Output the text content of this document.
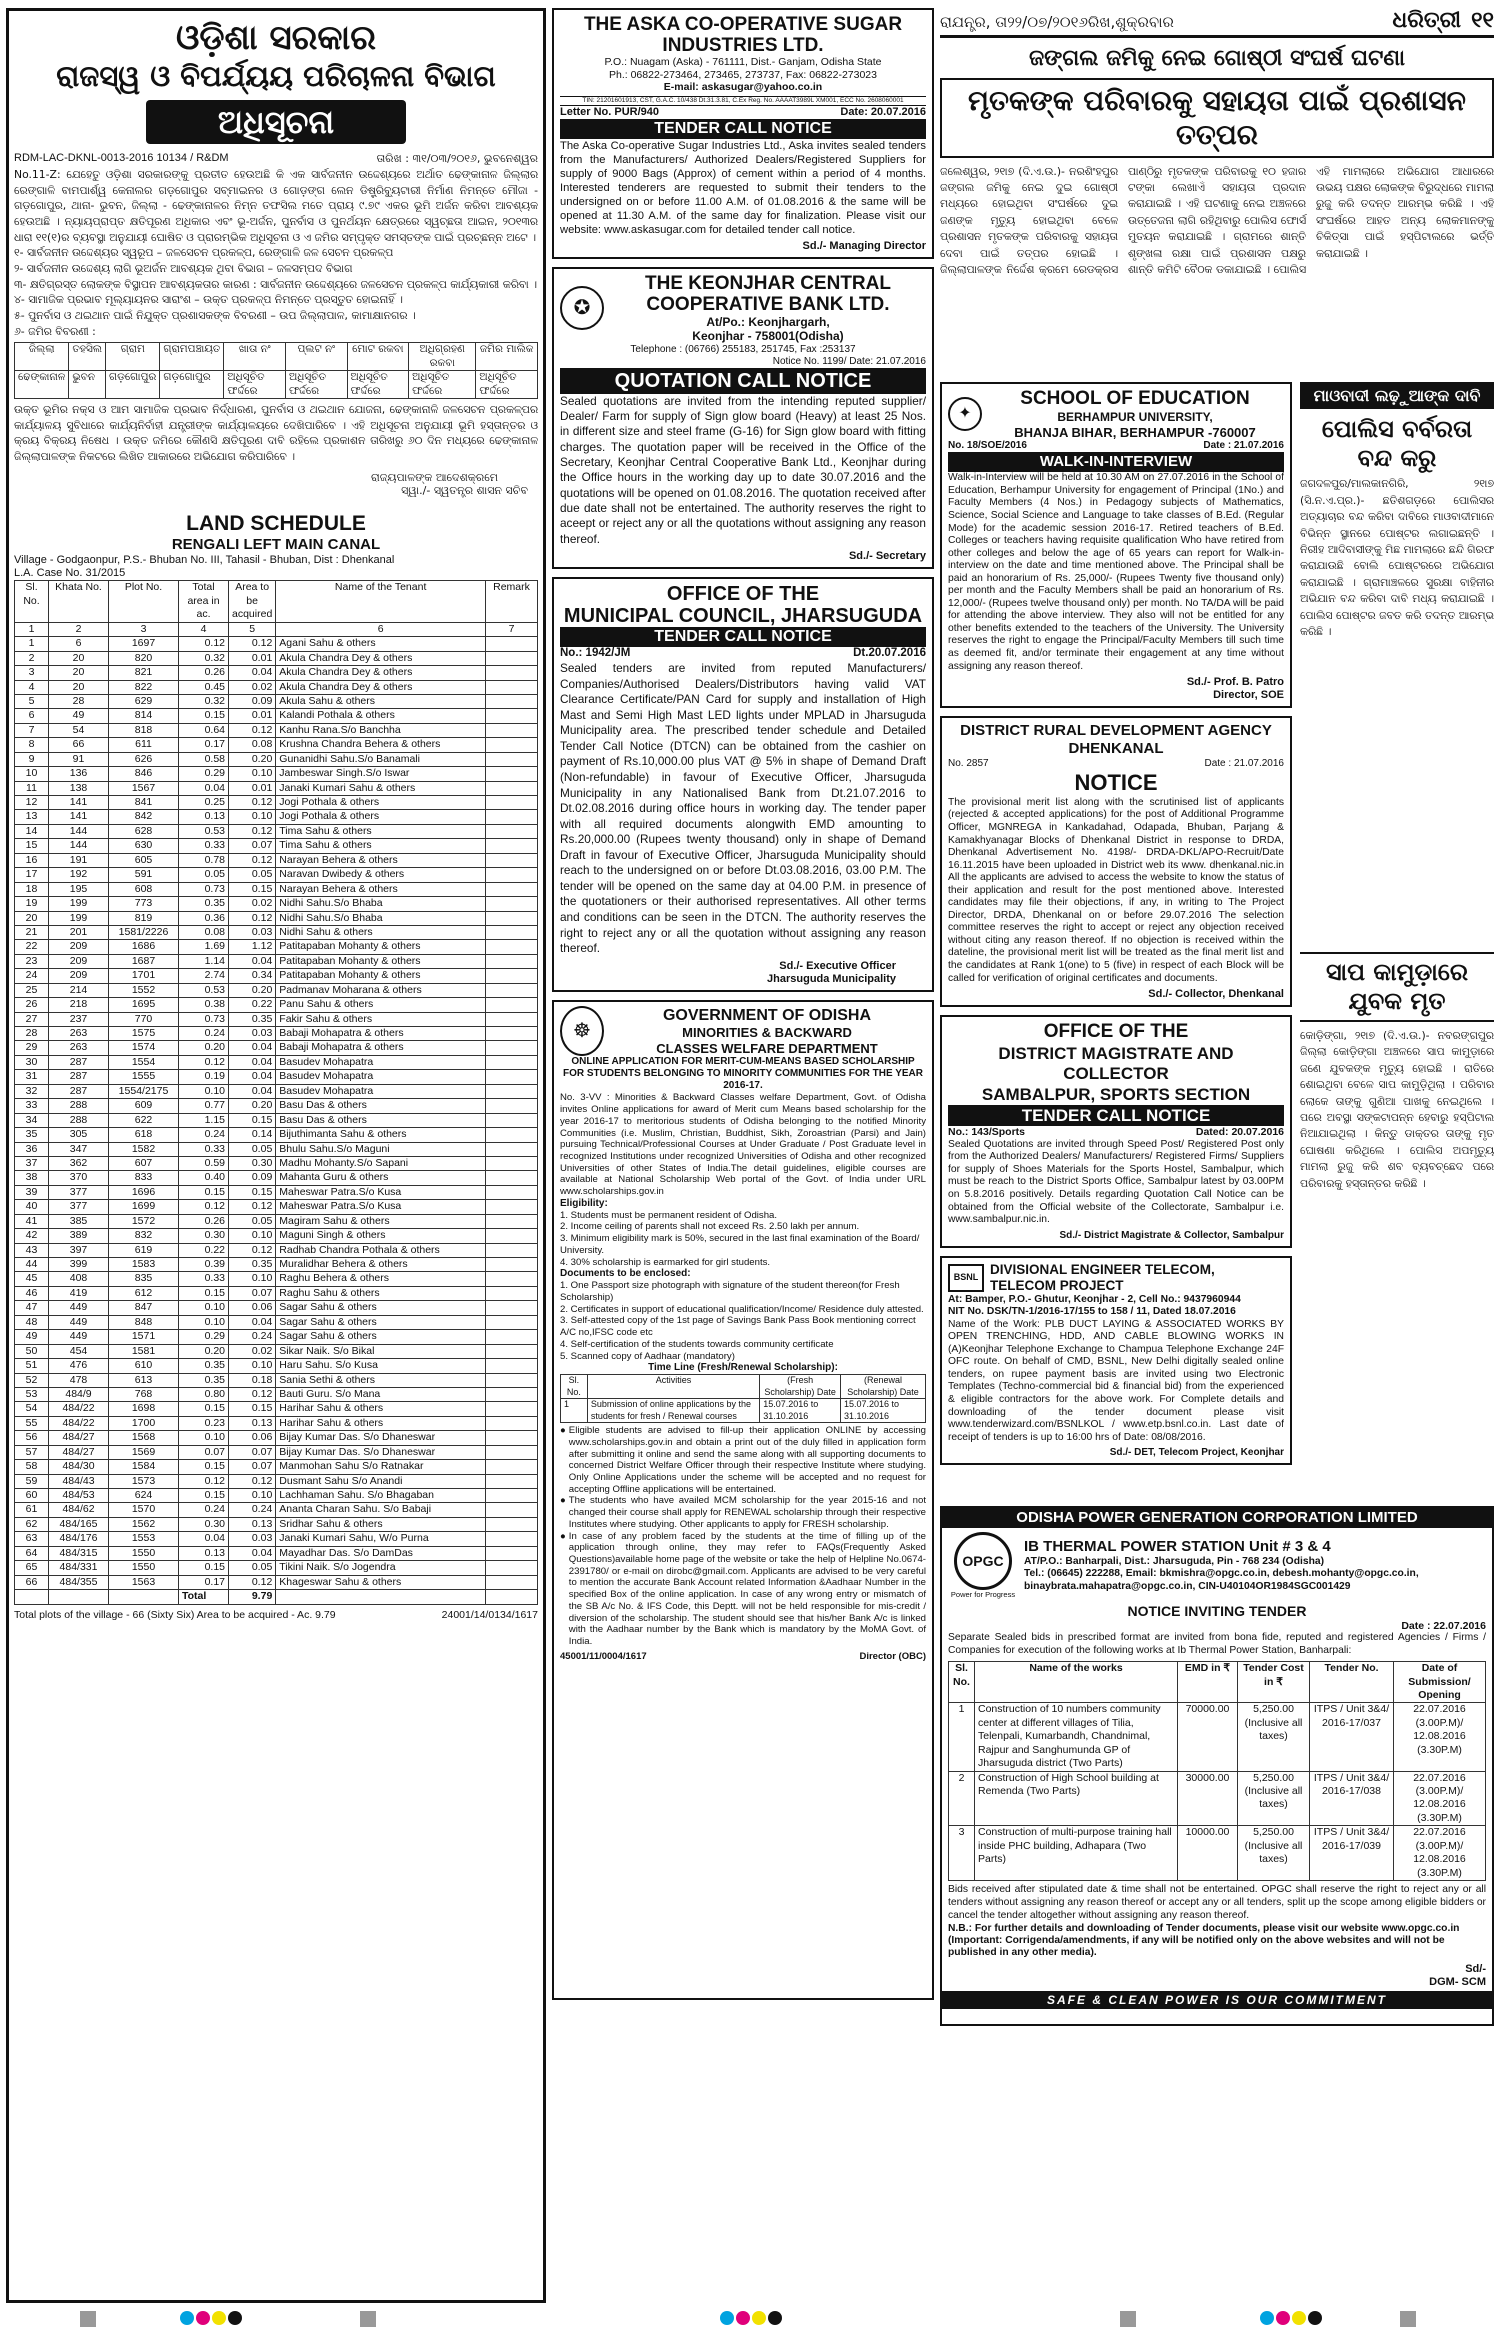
ଓଡ଼ିଶା ସରକାର
ରାଜସ୍ୱ ଓ ବିପର୍ଯ୍ୟୟ ପରିଚାଳନା ବିଭାଗ
ଅଧିସୂଚନା
RDM-LAC-DKNL-0013-2016 10134 / R&DM	ତାରିଖ : ୩୧/୦୩/୨୦୧୬, ଭୁବନେଶ୍ୱର
No.11-Z: ଯେହେତୁ ଓଡ଼ିଶା ସରକାରଙ୍କୁ ପ୍ରତୀତ ହେଉଅଛି କି ଏକ ସାର୍ବଜନୀନ ଉଦ୍ଦେଶ୍ୟରେ ଅର୍ଥାତ ଢେଙ୍କାନାଳ ଜିଲ୍ଲାର ରେଙ୍ଗାଳି ବାମପାର୍ଶ୍ୱ କେନାଲର ଗଡ଼ଗୋପୁର ସବ୍‌ମାଇନର ଓ ଗୋଡ଼ଙ୍ଗ ଲେନ ଡିଷ୍ଟ୍ରିବ୍ୟୁଟାରୀ ନିର୍ମାଣ ନିମନ୍ତେ ମୌଜା - ଗଡ଼ଗୋପୁର, ଥାନା- ଭୁବନ, ଜିଲ୍ଲା - ଢେଙ୍କାନାଳର ନିମ୍ନ ତଫସିଲ ମତେ ପ୍ରାୟ ୯.୭୯ ଏକର ଭୂମି ଅର୍ଜନ କରିବା ଆବଶ୍ୟକ ହେଉଅଛି । ନ୍ୟାୟପ୍ରାପ୍ତ କ୍ଷତିପୂରଣ ଅଧିକାର ଏବଂ ଭୂ-ଅର୍ଜନ, ପୁନର୍ବାସ ଓ ପୁନର୍ଥୟନ କ୍ଷେତ୍ରରେ ସ୍ୱଚ୍ଛତା ଆଇନ, ୨୦୧୩ର ଧାରା ୧୧(୧)ର ବ୍ୟବସ୍ଥା ଅନୁଯାୟୀ ଘୋଷିତ ଓ ପ୍ରାରମ୍ଭିକ ଅଧିସୂଚନା ଓ ଏ ଜମିର ସମ୍ପୃକ୍ତ ସମସ୍ତଙ୍କ ପାଇଁ ପ୍ରଚ୍ଛନ୍ନ ଅଟେ ।
୧- ସାର୍ବଜନୀନ ଉଦ୍ଦେଶ୍ୟର ସ୍ୱରୂପ – ଜଳସେଚନ ପ୍ରକଳ୍ପ, ରେଙ୍ଗାଳି ଜଳ ସେଚନ ପ୍ରକଳ୍ପ
୨- ସାର୍ବଜନୀନ ଉଦ୍ଦେଶ୍ୟ ଲାଗି ଭୂଅର୍ଜନ ଆବଶ୍ୟକ ଥିବା ବିଭାଗ – ଜଳସମ୍ପଦ ବିଭାଗ
୩- କ୍ଷତିଗ୍ରସ୍ତ ଲୋକଙ୍କ ବିସ୍ଥାପନ ଆବଶ୍ୟକତାର କାରଣ : ସାର୍ବଜନୀନ ଉଦ୍ଦେଶ୍ୟରେ ଜଳସେଚନ ପ୍ରକଳ୍ପ କାର୍ଯ୍ୟକାରୀ କରିବା ।
୪- ସାମାଜିକ ପ୍ରଭାବ ମୂଲ୍ୟାୟନର ସାରାଂଶ – ଉକ୍ତ ପ୍ରକଳ୍ପ ନିମନ୍ତେ ପ୍ରସ୍ତୁତ ହୋଇନାହିଁ ।
୫- ପୁନର୍ବାସ ଓ ଥଇଥାନ ପାଇଁ ନିଯୁକ୍ତ ପ୍ରଶାସକଙ୍କ ବିବରଣୀ – ଉପ ଜିଲ୍ଲାପାଳ, କାମାକ୍ଷାନଗର ।
୬- ଜମିର ବିବରଣୀ :
ଜିଲ୍ଲା	ତହସିଲ	ଗ୍ରାମ	ଗ୍ରାମପଞ୍ଚାୟତ	ଖାତା ନଂ	ପ୍ଲଟ ନଂ	ମୋଟ ରକବା	ଅଧିଗ୍ରହଣ ରକବା	ଜମିର ମାଲିକ
ଢେଙ୍କାନାଳ	ଭୁବନ	ଗଡ଼ଗୋପୁର	ଗଡ଼ଗୋପୁର	ଅଧିସୂଚିତ ଫର୍ଦ୍ଦରେ	ଅଧିସୂଚିତ ଫର୍ଦ୍ଦରେ	ଅଧିସୂଚିତ ଫର୍ଦ୍ଦରେ	ଅଧିସୂଚିତ ଫର୍ଦ୍ଦରେ	ଅଧିସୂଚିତ ଫର୍ଦ୍ଦରେ
ଉକ୍ତ ଭୂମିର ନକ୍ସ ଓ ଆମ ସାମାଜିକ ପ୍ରଭାବ ନିର୍ଦ୍ଧାରଣ, ପୁନର୍ବାସ ଓ ଥଇଥାନ ଯୋଜନା, ଢେଙ୍କାନାଳି ଜଳସେଚନ ପ୍ରକଳ୍ପର କାର୍ଯ୍ୟାଳୟ ସୁବିଧାରେ କାର୍ଯ୍ୟନିର୍ବାହୀ ଯନ୍ତ୍ରୀଙ୍କ କାର୍ଯ୍ୟାଳୟରେ ଦେଖିପାରିବେ । ଏହି ଅଧିସୂଚନା ଅନୁଯାୟୀ ଭୂମି ହସ୍ତାନ୍ତର ଓ କ୍ରୟ ବିକ୍ରୟ ନିଷେଧ । ଉକ୍ତ ଜମିରେ କୌଣସି କ୍ଷତିପୂରଣ ଦାବି ରହିଲେ ପ୍ରକାଶନ ତାରିଖରୁ ୬୦ ଦିନ ମଧ୍ୟରେ ଢେଙ୍କାନାଳ ଜିଲ୍ଲାପାଳଙ୍କ ନିକଟରେ ଲିଖିତ ଆକାରରେ ଅଭିଯୋଗ କରିପାରିବେ ।
ରାଜ୍ୟପାଳଙ୍କ ଆଦେଶକ୍ରମେ
ସ୍ୱା./- ସ୍ୱତନ୍ତ୍ର ଶାସନ ସଚିବ
LAND SCHEDULE
RENGALI LEFT MAIN CANAL
Village - Godgaonpur, P.S.- Bhuban No. III, Tahasil - Bhuban, Dist : Dhenkanal
L.A. Case No. 31/2015
Sl. No.	Khata No.	Plot No.	Total area in ac.	Area to be acquired	Name of the Tenant	Remark
1	2	3	4	5	6	7
1	6	1697	0.12	0.12	Agani Sahu & others	
2	20	820	0.32	0.01	Akula Chandra Dey & others	
3	20	821	0.26	0.04	Akula Chandra Dey & others	
4	20	822	0.45	0.02	Akula Chandra Dey & others	
5	28	629	0.32	0.09	Akula Sahu & others	
6	49	814	0.15	0.01	Kalandi Pothala & others	
7	54	818	0.64	0.12	Kanhu Rana.S/o Banchha	
8	66	611	0.17	0.08	Krushna Chandra Behera & others	
9	91	626	0.58	0.20	Gunanidhi Sahu.S/o Banamali	
10	136	846	0.29	0.10	Jambeswar Singh.S/o Iswar	
11	138	1567	0.04	0.01	Janaki Kumari Sahu & others	
12	141	841	0.25	0.12	Jogi Pothala & others	
13	141	842	0.13	0.10	Jogi Pothala & others	
14	144	628	0.53	0.12	Tima Sahu & others	
15	144	630	0.33	0.07	Tima Sahu & others	
16	191	605	0.78	0.12	Narayan Behera & others	
17	192	591	0.05	0.05	Naravan Dwibedy & others	
18	195	608	0.73	0.15	Narayan Behera & others	
19	199	773	0.35	0.02	Nidhi Sahu.S/o Bhaba	
20	199	819	0.36	0.12	Nidhi Sahu.S/o Bhaba	
21	201	1581/2226	0.08	0.03	Nidhi Sahu & others	
22	209	1686	1.69	1.12	Patitapaban Mohanty & others	
23	209	1687	1.14	0.04	Patitapaban Mohanty & others	
24	209	1701	2.74	0.34	Patitapaban Mohanty & others	
25	214	1552	0.53	0.20	Padmanav Moharana & others	
26	218	1695	0.38	0.22	Panu Sahu & others	
27	237	770	0.73	0.35	Fakir Sahu & others	
28	263	1575	0.24	0.03	Babaji Mohapatra & others	
29	263	1574	0.20	0.04	Babaji Mohapatra & others	
30	287	1554	0.12	0.04	Basudev Mohapatra	
31	287	1555	0.19	0.04	Basudev Mohapatra	
32	287	1554/2175	0.10	0.04	Basudev Mohapatra	
33	288	609	0.77	0.20	Basu Das & others	
34	288	622	1.15	0.15	Basu Das & others	
35	305	618	0.24	0.14	Bijuthimanta Sahu & others	
36	347	1582	0.33	0.05	Bhulu Sahu.S/o Maguni	
37	362	607	0.59	0.30	Madhu Mohanty.S/o Sapani	
38	370	833	0.40	0.09	Mahanta Guru & others	
39	377	1696	0.15	0.15	Maheswar Patra.S/o Kusa	
40	377	1699	0.12	0.12	Maheswar Patra.S/o Kusa	
41	385	1572	0.26	0.05	Magiram Sahu & others	
42	389	832	0.30	0.10	Maguni Singh & others	
43	397	619	0.22	0.12	Radhab Chandra Pothala & others	
44	399	1583	0.39	0.35	Muralidhar Behera & others	
45	408	835	0.33	0.10	Raghu Behera & others	
46	419	612	0.15	0.07	Raghu Sahu & others	
47	449	847	0.10	0.06	Sagar Sahu & others	
48	449	848	0.10	0.04	Sagar Sahu & others	
49	449	1571	0.29	0.24	Sagar Sahu & others	
50	454	1581	0.20	0.02	Sikar Naik. S/o Bikal	
51	476	610	0.35	0.10	Haru Sahu. S/o Kusa	
52	478	613	0.35	0.18	Sania Sethi & others	
53	484/9	768	0.80	0.12	Bauti Guru. S/o Mana	
54	484/22	1698	0.15	0.15	Harihar Sahu & others	
55	484/22	1700	0.23	0.13	Harihar Sahu & others	
56	484/27	1568	0.10	0.06	Bijay Kumar Das. S/o Dhaneswar	
57	484/27	1569	0.07	0.07	Bijay Kumar Das. S/o Dhaneswar	
58	484/30	1584	0.15	0.07	Manmohan Sahu S/o Ratnakar	
59	484/43	1573	0.12	0.12	Dusmant Sahu S/o Anandi	
60	484/53	624	0.15	0.10	Lachhaman Sahu. S/o Bhagaban	
61	484/62	1570	0.24	0.24	Ananta Charan Sahu. S/o Babaji	
62	484/165	1562	0.30	0.13	Sridhar Sahu & others	
63	484/176	1553	0.04	0.03	Janaki Kumari Sahu, W/o Purna	
64	484/315	1550	0.13	0.04	Mayadhar Das. S/o DamDas	
65	484/331	1550	0.15	0.05	Tikini Naik. S/o Jogendra	
66	484/355	1563	0.17	0.12	Khageswar Sahu & others	
			Total	9.79		
Total plots of the village - 66 (Sixty Six) Area to be acquired - Ac. 9.79	24001/14/0134/1617
THE ASKA CO-OPERATIVE SUGAR INDUSTRIES LTD.
P.O.: Nuagam (Aska) - 761111, Dist.- Ganjam, Odisha State
Ph.: 06822-273464, 273465, 273737, Fax: 06822-273023
E-mail: askasugar@yahoo.co.in
TIN: 21201601913, CST, G.A.C. 10/438 Dt.31.3.81, C.Ex Reg. No. AAAAT3989L XM001, ECC No. 2608060001
Letter No. PUR/940	Date: 20.07.2016
TENDER CALL NOTICE
The Aska Co-operative Sugar Industries Ltd., Aska invites sealed tenders from the Manufacturers/ Authorized Dealers/Registered Suppliers for supply of 9000 Bags (Approx) of cement within a period of 4 months. Interested tenderers are requested to submit their tenders to the undersigned on or before 11.00 A.M. of 01.08.2016 & the same will be opened at 11.30 A.M. of the same day for finalization. Please visit our website: www.askasugar.com for detailed tender call notice.
Sd./- Managing Director
✪
THE KEONJHAR CENTRAL COOPERATIVE BANK LTD.
At/Po.: Keonjhargarh,
Keonjhar - 758001(Odisha)
Telephone : (06766) 255183, 251745, Fax :253137
Notice No. 1199/ Date: 21.07.2016
QUOTATION CALL NOTICE
Sealed quotations are invited from the intending reputed supplier/ Dealer/ Farm for supply of Sign glow board (Heavy) at least 25 Nos. in different size and steel frame (G-16) for Sign glow board with fitting charges. The quotation paper will be received in the Office of the Secretary, Keonjhar Central Cooperative Bank Ltd., Keonjhar during the Office hours in the working day up to date 30.07.2016 and the quotations will be opened on 01.08.2016. The quotation received after due date shall not be entertained. The authority reserves the right to aceept or reject any or all the quotations without assigning any reason thereof.
Sd./- Secretary
OFFICE OF THE
MUNICIPAL COUNCIL, JHARSUGUDA
TENDER CALL NOTICE
No.: 1942/JM	Dt.20.07.2016
Sealed tenders are invited from reputed Manufacturers/ Companies/Authorised Dealers/Distributors having valid VAT Clearance Certificate/PAN Card for supply and installation of High Mast and Semi High Mast LED lights under MPLAD in Jharsuguda Municipality area. The prescribed tender schedule and Detailed Tender Call Notice (DTCN) can be obtained from the cashier on payment of Rs.10,000.00 plus VAT @ 5% in shape of Demand Draft (Non-refundable) in favour of Executive Officer, Jharsuguda Municipality in any Nationalised Bank from Dt.21.07.2016 to Dt.02.08.2016 during office hours in working day. The tender paper with all required documents alongwith EMD amounting to Rs.20,000.00 (Rupees twenty thousand) only in shape of Demand Draft in favour of Executive Officer, Jharsuguda Municipality should reach to the undersigned on or before Dt.03.08.2016, 03.00 P.M. The tender will be opened on the same day at 04.00 P.M. in presence of the quotationers or their authorised representatives. All other terms and conditions can be seen in the DTCN. The authority reserves the right to reject any or all the quotation without assigning any reason thereof.
Sd./- Executive Officer
Jharsuguda Municipality
☸
GOVERNMENT OF ODISHA
MINORITIES & BACKWARD
CLASSES WELFARE DEPARTMENT
ONLINE APPLICATION FOR MERIT-CUM-MEANS BASED SCHOLARSHIP FOR STUDENTS BELONGING TO MINORITY COMMUNITIES FOR THE YEAR 2016-17.
No. 3-VV : Minorities & Backward Classes welfare Department, Govt. of Odisha invites Online applications for award of Merit cum Means based scholarship for the year 2016-17 to meritorious students of Odisha belonging to the notified Minority Communities (i.e. Muslim, Christian, Buddhist, Sikh, Zoroastrian (Parsi) and Jain) pursuing Technical/Professional Courses at Under Graduate / Post Graduate level in recognized Institutions under recognized Universities of Odisha and other recognized Universities of other States of India.The detail guidelines, eligible courses are available at National Scholarship Web portal of the Govt. of India under URL www.scholarships.gov.in
Eligibility:
1. Students must be permanent resident of Odisha.
2. Income ceiling of parents shall not exceed Rs. 2.50 lakh per annum.
3. Minimum eligibility mark is 50%, secured in the last final examination of the Board/ University.
4. 30% scholarship is earmarked for girl students.
Documents to be enclosed:
1. One Passport size photograph with signature of the student thereon(for Fresh Scholarship)
2. Certificates in support of educational qualification/Income/ Residence duly attested.
3. Self-attested copy of the 1st page of Savings Bank Pass Book mentioning correct A/C no,IFSC code etc
4. Self-certification of the students towards community certificate
5. Scanned copy of Aadhaar (mandatory)
Time Line (Fresh/Renewal Scholarship):
Sl. No.	Activities	(Fresh Scholarship) Date	(Renewal Scholarship) Date
1	Submission of online applications by the students for fresh / Renewal courses	15.07.2016 to 31.10.2016	15.07.2016 to 31.10.2016
● Eligible students are advised to fill-up their application ONLINE by accessing www.scholarships.gov.in and obtain a print out of the duly filled in application form after submitting it online and send the same along with all supporting documents to concerned District Welfare Officer through their respective Institute where studying. Only Online Applications under the scheme will be accepted and no request for accepting Offline applications will be entertained.
● The students who have availed MCM scholarship for the year 2015-16 and not changed their course shall apply for RENEWAL scholarship through their respective Institutes where studying. Other applicants to apply for FRESH scholarship.
● In case of any problem faced by the students at the time of filling up of the application through online, they may refer to FAQs(Frequently Asked Questions)available home page of the website or take the help of Helpline No.0674-2391780/ or e-mail on dirobc@gmail.com. Applicants are advised to be very careful to mention the accurate Bank Account related Information &Aadhaar Number in the specified Box of the online application. In case of any wrong entry or mismatch of the SB A/c No. & IFS Code, this Deptt. will not be held responsible for mis-credit / diversion of the scholarship. The student should see that his/her Bank A/c is linked with the Aadhaar number by the Bank which is mandatory by the MoMA Govt. of India.
45001/11/0004/1617	Director (OBC)
ରାଯନ୍ତ୍ର, ତା୨୨/୦୭/୨୦୧୬ରିଖ,ଶୁକ୍ରବାର	ଧରିତ୍ରୀ ୧୧
ଜଙ୍ଗଲ ଜମିକୁ ନେଇ ଗୋଷ୍ଠୀ ସଂଘର୍ଷ ଘଟଣା
ମୃତକଙ୍କ ପରିବାରକୁ ସହାୟତା ପାଇଁ ପ୍ରଶାସନ ତତ୍ପର
ଜଲେଶ୍ୱର, ୨୧ା୭ (ଦି.ଏ.ଉ.)- ନରଶିଂହପୁର ଜଙ୍ଗଲ ଜମିକୁ ନେଇ ଦୁଇ ଗୋଷ୍ଠୀ ମଧ୍ୟରେ ହୋଇଥିବା ସଂଘର୍ଷରେ ଦୁଇ ଜଣଙ୍କ ମୃତ୍ୟୁ ହୋଇଥିବା ବେଳେ ପ୍ରଶାସନ ମୃତକଙ୍କ ପରିବାରକୁ ସହାୟତା ଦେବା ପାଇଁ ତତ୍ପର ହୋଇଛି । ଜିଲ୍ଲାପାଳଙ୍କ ନିର୍ଦ୍ଦେଶ କ୍ରମେ ରେଡକ୍ରସ ପାଣ୍ଠିରୁ ମୃତକଙ୍କ ପରିବାରକୁ ୧୦ ହଜାର ଟଙ୍କା ଲେଖାଏଁ ସହାୟତା ପ୍ରଦାନ କରାଯାଇଛି । ଏହି ଘଟଣାକୁ ନେଇ ଅଞ୍ଚଳରେ ଉତ୍ତେଜନା ଲାଗି ରହିଥିବାରୁ ପୋଲିସ ଫୋର୍ସ ମୁତୟନ କରାଯାଇଛି । ଗ୍ରାମରେ ଶାନ୍ତି ଶୃଙ୍ଖଳା ରକ୍ଷା ପାଇଁ ପ୍ରଶାସନ ପକ୍ଷରୁ ଶାନ୍ତି କମିଟି ବୈଠକ ଡକାଯାଇଛି । ପୋଲିସ ଏହି ମାମଲାରେ ଅଭିଯୋଗ ଆଧାରରେ ଉଭୟ ପକ୍ଷର ଲୋକଙ୍କ ବିରୁଦ୍ଧରେ ମାମଲା ରୁଜୁ କରି ତଦନ୍ତ ଆରମ୍ଭ କରିଛି । ଏହି ସଂଘର୍ଷରେ ଆହତ ଅନ୍ୟ ଲୋକମାନଙ୍କୁ ଚିକିତ୍ସା ପାଇଁ ହସ୍ପିଟାଲରେ ଭର୍ତ୍ତି କରାଯାଇଛି ।
✦
SCHOOL OF EDUCATION
BERHAMPUR UNIVERSITY,
BHANJA BIHAR, BERHAMPUR -760007
No. 18/SOE/2016	Date : 21.07.2016
WALK-IN-INTERVIEW
Walk-in-Interview will be held at 10.30 AM on 27.07.2016 in the School of Education, Berhampur University for engagement of Principal (1No.) and Faculty Members (4 Nos.) in Pedagogy subjects of Mathematics, Science, Social Science and Language to take classes of B.Ed. (Regular Mode) for the academic session 2016-17. Retired teachers of B.Ed. Colleges or teachers having requisite qualification Who have retired from other colleges and below the age of 65 years can report for Walk-in-interview on the date and time mentioned above. The Principal shall be paid an honorarium of Rs. 25,000/- (Rupees Twenty five thousand only) per month and the Faculty Members shall be paid an honorarium of Rs. 12,000/- (Rupees twelve thousand only) per month. No TA/DA will be paid for attending the above interview. They also will not be entitled for any other benefits extended to the teachers of the University. The University reserves the right to engage the Principal/Faculty Members till such time as deemed fit, and/or terminate their engagement at any time without assigning any reason thereof.
Sd./- Prof. B. Patro
Director, SOE
DISTRICT RURAL DEVELOPMENT AGENCY
DHENKANAL
No. 2857	Date : 21.07.2016
NOTICE
The provisional merit list along with the scrutinised list of applicants (rejected & accepted applications) for the post of Additional Programme Officer, MGNREGA in Kankadahad, Odapada, Bhuban, Parjang & Kamakhyanagar Blocks of Dhenkanal District in response to DRDA, Dhenkanal Advertisement No. 4198/- DRDA-DKL/APO-Recruit/Date 16.11.2015 have been uploaded in District web its www. dhenkanal.nic.in All the applicants are advised to access the website to know the status of their application and result for the post mentioned above. Interested candidates may file their objections, if any, in writing to The Project Director, DRDA, Dhenkanal on or before 29.07.2016 The selection committee reserves the right to accept or reject any objection received without citing any reason thereof. If no objection is received within the dateline, the provisional merit list will be treated as the final merit list and the candidates at Rank 1(one) to 5 (five) in respect of each Block will be called for verification of original certificates and documents.
Sd./- Collector, Dhenkanal
OFFICE OF THE
DISTRICT MAGISTRATE AND COLLECTOR
SAMBALPUR, SPORTS SECTION
TENDER CALL NOTICE
No.: 143/Sports	Dated: 20.07.2016
Sealed Quotations are invited through Speed Post/ Registered Post only from the Authorized Dealers/ Manufacturers/ Registered Firms/ Suppliers for supply of Shoes Materials for the Sports Hostel, Sambalpur, which must be reach to the District Sports Office, Sambalpur latest by 03.00PM on 5.8.2016 positively. Details regarding Quotation Call Notice can be obtained from the Official website of the Collectorate, Sambalpur i.e. www.sambalpur.nic.in.
Sd./- District Magistrate & Collector, Sambalpur
BSNL
DIVISIONAL ENGINEER TELECOM, TELECOM PROJECT
At: Bamper, P.O.- Ghutur, Keonjhar - 2, Cell No.: 9437960944
NIT No. DSK/TN-1/2016-17/155 to 158 / 11, Dated 18.07.2016
Name of the Work: PLB DUCT LAYING & ASSOCIATED WORKS BY OPEN TRENCHING, HDD, AND CABLE BLOWING WORKS IN (A)Keonjhar Telephone Exchange to Champua Telephone Exchange 24F OFC route. On behalf of CMD, BSNL, New Delhi digitally sealed online tenders, on rupee payment basis are invited using two Electronic Templates (Techno-commercial bid & financial bid) from the experienced & eligible contractors for the above work. For Complete details and downloading of the tender document please visit www.tenderwizard.com/BSNLKOL / www.etp.bsnl.co.in. Last date of receipt of tenders is up to 16:00 hrs of Date: 08/08/2016.
Sd./- DET, Telecom Project, Keonjhar
ମାଓବାଦୀ ଲଢ଼ୁଆଙ୍କ ଦାବି
ପୋଲିସ ବର୍ବରତା
ବନ୍ଦ କରୁ
ଜଗଦଳପୁର/ମାଲକାନଗିରି, ୨୧ା୭ (ସି.ନ.ଏ.ପ୍ର.)- ଛତିଶଗଡ଼ରେ ପୋଲିସର ଅତ୍ୟାଚାର ବନ୍ଦ କରିବା ଦାବିରେ ମାଓବାଦୀମାନେ ବିଭିନ୍ନ ସ୍ଥାନରେ ପୋଷ୍ଟର ଲଗାଇଛନ୍ତି । ନିରୀହ ଆଦିବାସୀଙ୍କୁ ମିଛ ମାମଲାରେ ଛନ୍ଦି ଗିରଫ କରାଯାଉଛି ବୋଲି ପୋଷ୍ଟରରେ ଅଭିଯୋଗ କରାଯାଇଛି । ଗ୍ରାମାଞ୍ଚଳରେ ସୁରକ୍ଷା ବାହିନୀର ଅଭିଯାନ ବନ୍ଦ କରିବା ଦାବି ମଧ୍ୟ କରାଯାଇଛି । ପୋଲିସ ପୋଷ୍ଟର ଜବତ କରି ତଦନ୍ତ ଆରମ୍ଭ କରିଛି ।
ସାପ କାମୁଡ଼ାରେ ଯୁବକ ମୃତ
କୋଡ଼ିଙ୍ଗା, ୨୧ା୭ (ଦି.ଏ.ଉ.)- ନବରଙ୍ଗପୁର ଜିଲ୍ଲା କୋଡ଼ିଙ୍ଗା ଅଞ୍ଚଳରେ ସାପ କାମୁଡ଼ାରେ ଜଣେ ଯୁବକଙ୍କ ମୃତ୍ୟୁ ହୋଇଛି । ରାତିରେ ଶୋଇଥିବା ବେଳେ ସାପ କାମୁଡ଼ିଥିଲା । ପରିବାର ଲୋକେ ତାଙ୍କୁ ଗୁଣିଆ ପାଖକୁ ନେଇଥିଲେ । ପରେ ଅବସ୍ଥା ସଙ୍କଟାପନ୍ନ ହେବାରୁ ହସ୍ପିଟାଲ ନିଆଯାଇଥିଲା । କିନ୍ତୁ ଡାକ୍ତର ତାଙ୍କୁ ମୃତ ଘୋଷଣା କରିଥିଲେ । ପୋଲିସ ଅପମୃତ୍ୟୁ ମାମଲା ରୁଜୁ କରି ଶବ ବ୍ୟବଚ୍ଛେଦ ପରେ ପରିବାରକୁ ହସ୍ତାନ୍ତର କରିଛି ।
ODISHA POWER GENERATION CORPORATION LIMITED
OPGC
Power for Progress
IB THERMAL POWER STATION Unit # 3 & 4
AT/P.O.: Banharpali, Dist.: Jharsuguda, Pin - 768 234 (Odisha)
Tel.: (06645) 222288, Email: bkmishra@opgc.co.in, debesh.mohanty@opgc.co.in,
binaybrata.mahapatra@opgc.co.in, CIN-U40104OR1984SGC001429
NOTICE INVITING TENDER
Date : 22.07.2016
Separate Sealed bids in prescribed format are invited from bona fide, reputed and registered Agencies / Firms / Companies for execution of the following works at Ib Thermal Power Station, Banharpali:
Sl. No.	Name of the works	EMD in ₹	Tender Cost in ₹	Tender No.	Date of Submission/ Opening
1	Construction of 10 numbers community center at different villages of Tilia, Telenpali, Kumarbandh, Chandnimal, Rajpur and Sanghumunda GP of Jharsuguda district (Two Parts)	70000.00	5,250.00 (Inclusive all taxes)	ITPS / Unit 3&4/ 2016-17/037	22.07.2016 (3.00P.M)/ 12.08.2016 (3.30P.M)
2	Construction of High School building at Remenda (Two Parts)	30000.00	5,250.00 (Inclusive all taxes)	ITPS / Unit 3&4/ 2016-17/038	22.07.2016 (3.00P.M)/ 12.08.2016 (3.30P.M)
3	Construction of multi-purpose training hall inside PHC building, Adhapara (Two Parts)	10000.00	5,250.00 (Inclusive all taxes)	ITPS / Unit 3&4/ 2016-17/039	22.07.2016 (3.00P.M)/ 12.08.2016 (3.30P.M)
Bids received after stipulated date & time shall not be entertained. OPGC shall reserve the right to reject any or all tenders without assigning any reason thereof or accept any or all tenders, split up the scope among eligible bidders or cancel the tender altogether without assigning any reason thereof.
N.B.: For further details and downloading of Tender documents, please visit our website www.opgc.co.in
(Important: Corrigenda/amendments, if any will be notified only on the above websites and will not be published in any other media).
Sd/-
DGM- SCM
SAFE & CLEAN POWER IS OUR COMMITMENT
